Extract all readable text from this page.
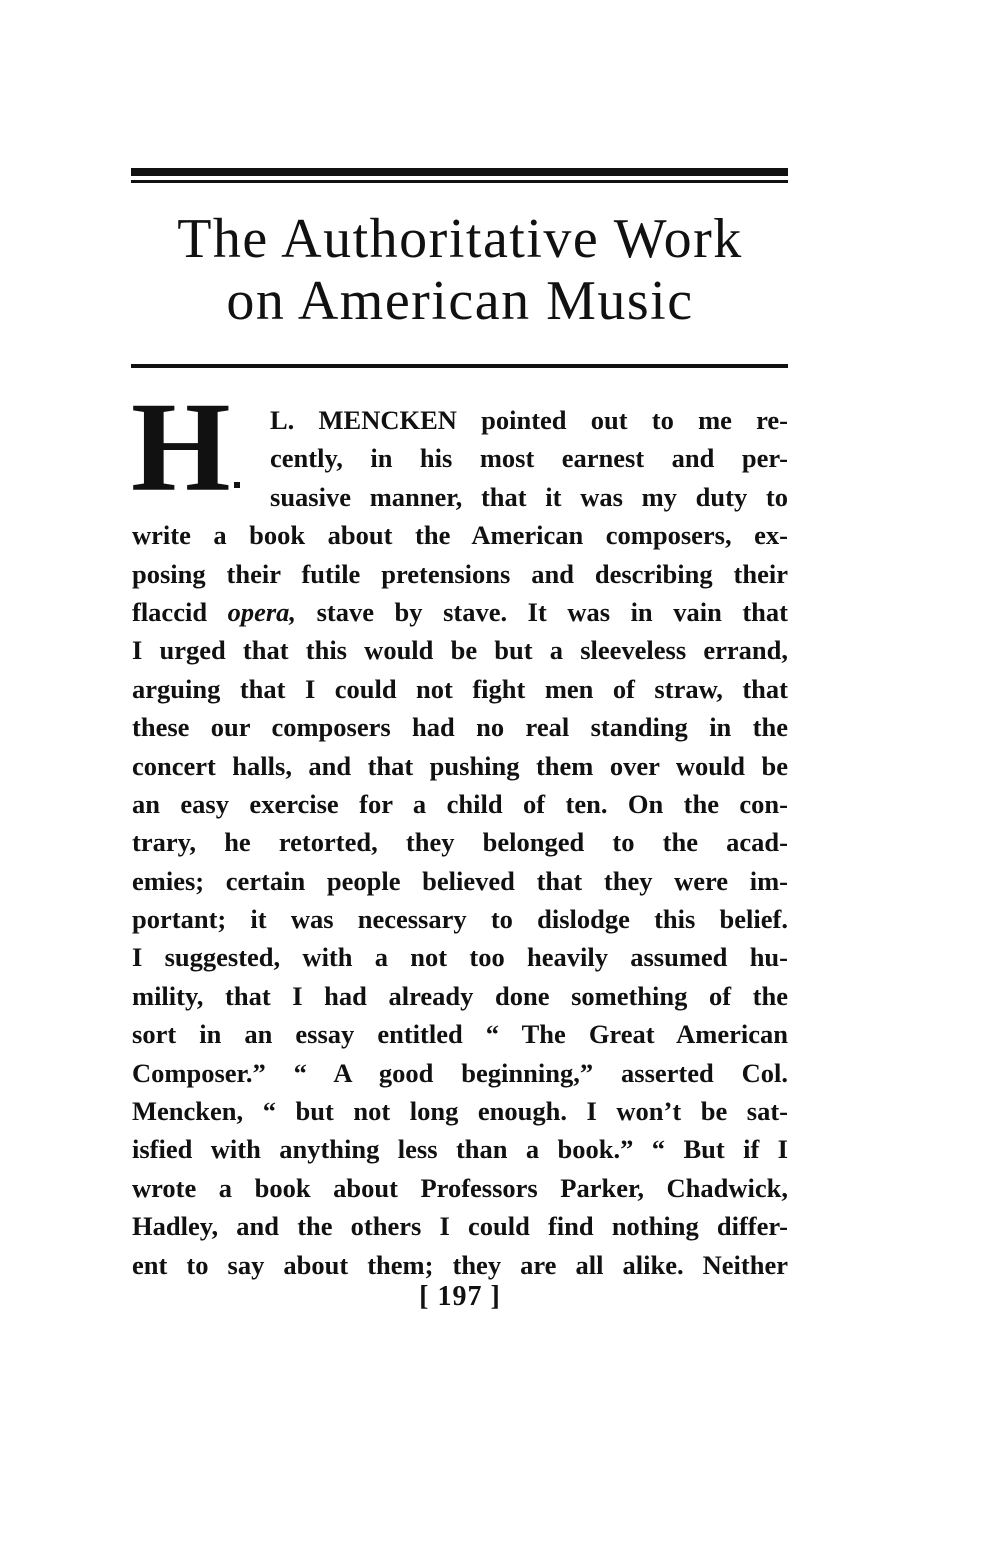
The Authoritative Work
on American Music
H L. MENCKEN pointed out to me re-
cently, in his most earnest and per-
suasive manner, that it was my duty to
write a book about the American composers, ex-
posing their futile pretensions and describing their
flaccid opera, stave by stave. It was in vain that
I urged that this would be but a sleeveless errand,
arguing that I could not fight men of straw, that
these our composers had no real standing in the
concert halls, and that pushing them over would be
an easy exercise for a child of ten. On the con-
trary, he retorted, they belonged to the acad-
emies; certain people believed that they were im-
portant; it was necessary to dislodge this belief.
I suggested, with a not too heavily assumed hu-
mility, that I had already done something of the
sort in an essay entitled “ The Great American
Composer.” “ A good beginning,” asserted Col.
Mencken, “ but not long enough. I won’t be sat-
isfied with anything less than a book.” “ But if I
wrote a book about Professors Parker, Chadwick,
Hadley, and the others I could find nothing differ-
ent to say about them; they are all alike. Neither
[ 197 ]
